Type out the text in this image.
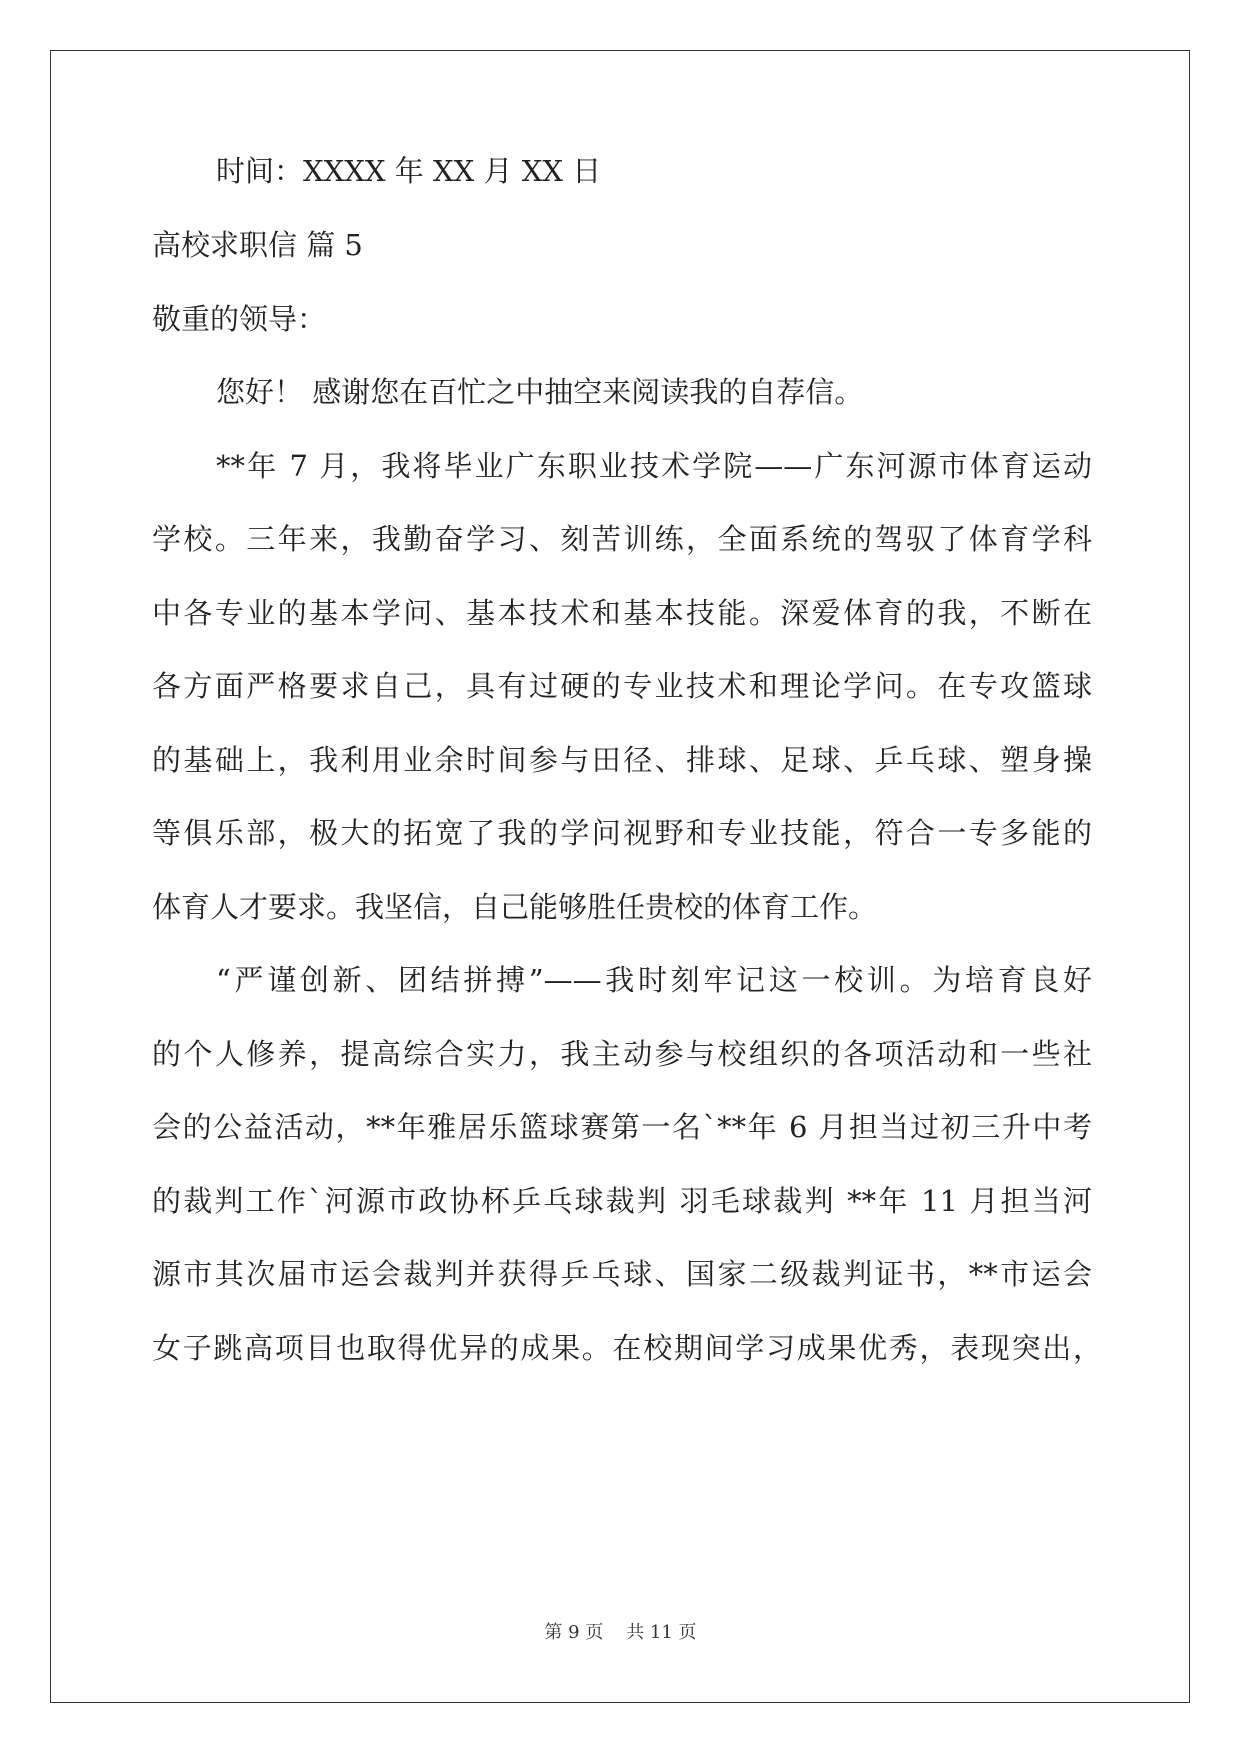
时间：XXXX 年 XX 月 XX 日
高校求职信 篇 5
敬重的领导：
您好！ 感谢您在百忙之中抽空来阅读我的自荐信。
**年 7 月，我将毕业广东职业技术学院——广东河源市体育运动
学校。三年来，我勤奋学习、刻苦训练，全面系统的驾驭了体育学科
中各专业的基本学问、基本技术和基本技能。深爱体育的我，不断在
各方面严格要求自己，具有过硬的专业技术和理论学问。在专攻篮球
的基础上，我利用业余时间参与田径、排球、足球、乒乓球、塑身操
等俱乐部，极大的拓宽了我的学问视野和专业技能，符合一专多能的
体育人才要求。我坚信，自己能够胜任贵校的体育工作。
“严谨创新、团结拼搏”——我时刻牢记这一校训。为培育良好
的个人修养，提高综合实力，我主动参与校组织的各项活动和一些社
会的公益活动，**年雅居乐篮球赛第一名`**年 6 月担当过初三升中考
的裁判工作`河源市政协杯乒乓球裁判 羽毛球裁判 **年 11 月担当河
源市其次届市运会裁判并获得乒乓球、国家二级裁判证书，**市运会
女子跳高项目也取得优异的成果。在校期间学习成果优秀，表现突出，
第 9 页    共 11 页
